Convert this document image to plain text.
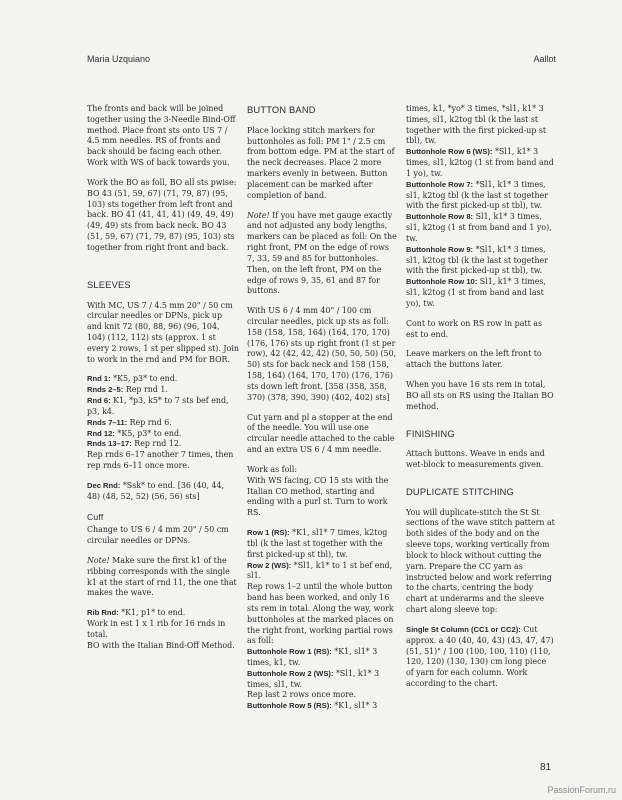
Maria Uzquiano	Aallot

The fronts and back will be joined together using the 3-Needle Bind-Off method. Place front sts onto US 7 / 4.5 mm needles. RS of fronts and back should be facing each other. Work with WS of back towards you.

Work the BO as foll, BO all sts pwise: BO 43 (51, 59, 67) (71, 79, 87) (95, 103) sts together from left front and back. BO 41 (41, 41, 41) (49, 49, 49) (49, 49) sts from back neck. BO 43 (51, 59, 67) (71, 79, 87) (95, 103) sts together from right front and back.

SLEEVES

With MC, US 7 / 4.5 mm 20" / 50 cm circular needles or DPNs, pick up and knit 72 (80, 88, 96) (96, 104, 104) (112, 112) sts (approx. 1 st every 2 rows, 1 st per slipped st). Join to work in the rnd and PM for BOR.

Rnd 1: *K5, p3* to end.
Rnds 2–5: Rep rnd 1.
Rnd 6: K1, *p3, k5* to 7 sts bef end, p3, k4.
Rnds 7–11: Rep rnd 6.
Rnd 12: *K5, p3* to end.
Rnds 13–17: Rep rnd 12.
Rep rnds 6–17 another 7 times, then rep rnds 6–11 once more.

Dec Rnd: *Ssk* to end. [36 (40, 44, 48) (48, 52, 52) (56, 56) sts]

Cuff

Change to US 6 / 4 mm 20" / 50 cm circular needles or DPNs.

Note! Make sure the first k1 of the ribbing corresponds with the single k1 at the start of rnd 11, the one that makes the wave.

Rib Rnd: *K1, p1* to end.
Work in est 1 x 1 rib for 16 rnds in total.
BO with the Italian Bind-Off Method.

BUTTON BAND

Place locking stitch markers for buttonholes as foll: PM 1" / 2.5 cm from bottom edge. PM at the start of the neck decreases. Place 2 more markers evenly in between. Button placement can be marked after completion of band.

Note! If you have met gauge exactly and not adjusted any body lengths, markers can be placed as foll: On the right front, PM on the edge of rows 7, 33, 59 and 85 for buttonholes. Then, on the left front, PM on the edge of rows 9, 35, 61 and 87 for buttons.

With US 6 / 4 mm 40" / 100 cm circular needles, pick up sts as foll: 158 (158, 158, 164) (164, 170, 170) (176, 176) sts up right front (1 st per row), 42 (42, 42, 42) (50, 50, 50) (50, 50) sts for back neck and 158 (158, 158, 164) (164, 170, 170) (176, 176) sts down left front. [358 (358, 358, 370) (378, 390, 390) (402, 402) sts]

Cut yarn and pl a stopper at the end of the needle. You will use one circular needle attached to the cable and an extra US 6 / 4 mm needle.

Work as foll:
With WS facing, CO 15 sts with the Italian CO method, starting and ending with a purl st. Turn to work RS.

Row 1 (RS): *K1, sl1* 7 times, k2tog tbl (k the last st together with the first picked-up st tbl), tw.
Row 2 (WS): *Sl1, k1* to 1 st bef end, sl1.
Rep rows 1–2 until the whole button band has been worked, and only 16 sts rem in total. Along the way, work buttonholes at the marked places on the right front, working partial rows as foll:
Buttonhole Row 1 (RS): *K1, sl1* 3 times, k1, tw.
Buttonhole Row 2 (WS): *Sl1, k1* 3 times, sl1, tw.
Rep last 2 rows once more.
Buttonhole Row 5 (RS): *K1, sl1* 3

times, k1, *yo* 3 times, *sl1, k1* 3 times, sl1, k2tog tbl (k the last st together with the first picked-up st tbl), tw.
Buttonhole Row 6 (WS): *Sl1, k1* 3 times, sl1, k2tog (1 st from band and 1 yo), tw.
Buttonhole Row 7: *Sl1, k1* 3 times, sl1, k2tog tbl (k the last st together with the first picked-up st tbl), tw.
Buttonhole Row 8: Sl1, k1* 3 times, sl1, k2tog (1 st from band and 1 yo), tw.
Buttonhole Row 9: *Sl1, k1* 3 times, sl1, k2tog tbl (k the last st together with the first picked-up st tbl), tw.
Buttonhole Row 10: Sl1, k1* 3 times, sl1, k2tog (1 st from band and last yo), tw.

Cont to work on RS row in patt as est to end.

Leave markers on the left front to attach the buttons later.

When you have 16 sts rem in total, BO all sts on RS using the Italian BO method.

FINISHING

Attach buttons. Weave in ends and wet-block to measurements given.

DUPLICATE STITCHING

You will duplicate-stitch the St St sections of the wave stitch pattern at both sides of the body and on the sleeve tops, working vertically from block to block without cutting the yarn. Prepare the CC yarn as instructed below and work referring to the charts, centring the body chart at underarms and the sleeve chart along sleeve top:

Single St Column (CC1 or CC2): Cut approx. a 40 (40, 40, 43) (43, 47, 47) (51, 51)" / 100 (100, 100, 110) (110, 120, 120) (130, 130) cm long piece of yarn for each column. Work according to the chart.

81
PassionForum.ru
